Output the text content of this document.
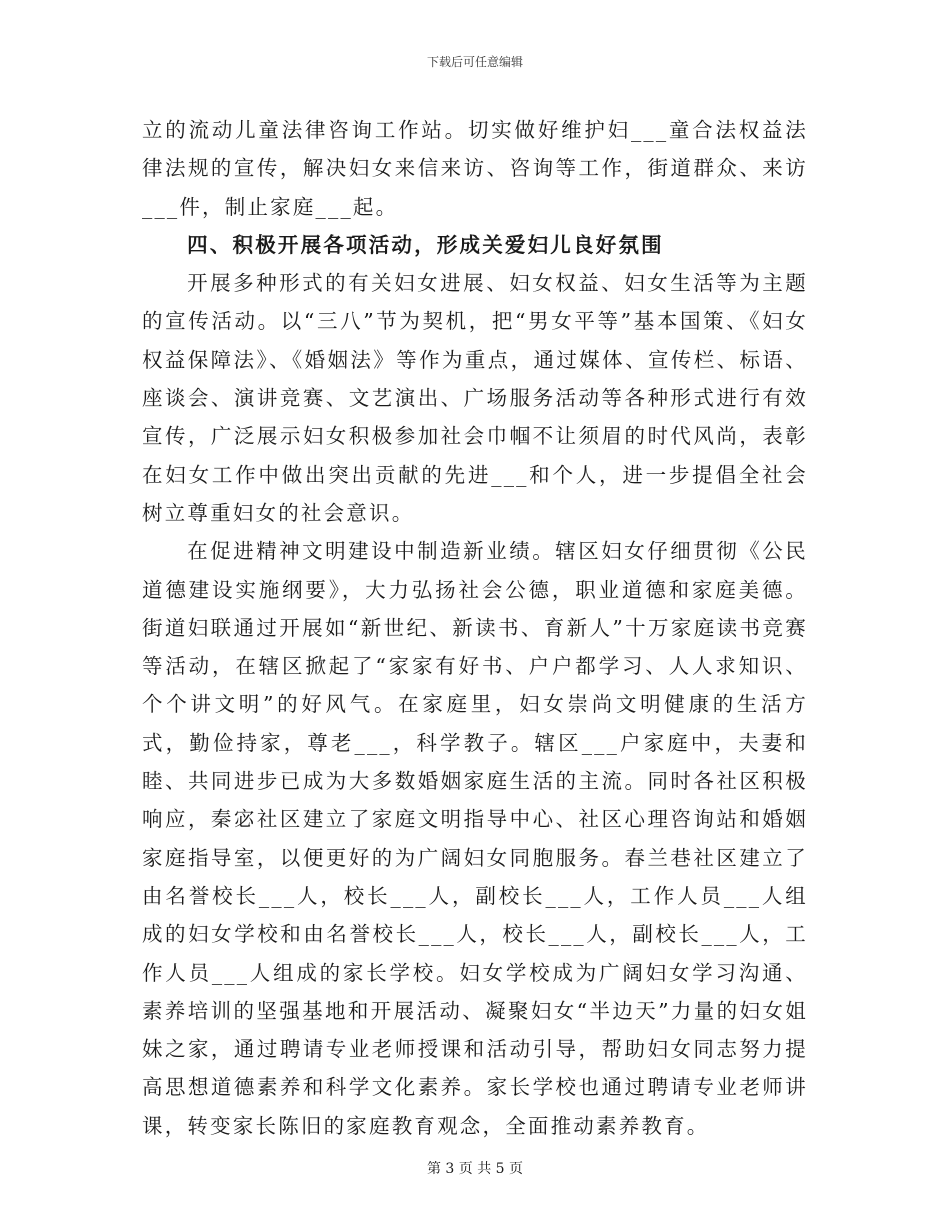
下载后可任意编辑

立的流动儿童法律咨询工作站。切实做好维护妇___童合法权益法律法规的宣传，解决妇女来信来访、咨询等工作，街道群众、来访___件，制止家庭___起。

四、积极开展各项活动，形成关爱妇儿良好氛围

开展多种形式的有关妇女进展、妇女权益、妇女生活等为主题的宣传活动。以“三八”节为契机，把“男女平等”基本国策、《妇女权益保障法》、《婚姻法》等作为重点，通过媒体、宣传栏、标语、座谈会、演讲竞赛、文艺演出、广场服务活动等各种形式进行有效宣传，广泛展示妇女积极参加社会巾帼不让须眉的时代风尚，表彰在妇女工作中做出突出贡献的先进___和个人，进一步提倡全社会树立尊重妇女的社会意识。

在促进精神文明建设中制造新业绩。辖区妇女仔细贯彻《公民道德建设实施纲要》，大力弘扬社会公德，职业道德和家庭美德。街道妇联通过开展如“新世纪、新读书、育新人”十万家庭读书竞赛等活动，在辖区掀起了“家家有好书、户户都学习、人人求知识、个个讲文明”的好风气。在家庭里，妇女崇尚文明健康的生活方式，勤俭持家，尊老___，科学教子。辖区___户家庭中，夫妻和睦、共同进步已成为大多数婚姻家庭生活的主流。同时各社区积极响应，秦宓社区建立了家庭文明指导中心、社区心理咨询站和婚姻家庭指导室，以便更好的为广阔妇女同胞服务。春兰巷社区建立了由名誉校长___人，校长___人，副校长___人，工作人员___人组成的妇女学校和由名誉校长___人，校长___人，副校长___人，工作人员___人组成的家长学校。妇女学校成为广阔妇女学习沟通、素养培训的坚强基地和开展活动、凝聚妇女“半边天”力量的妇女姐妹之家，通过聘请专业老师授课和活动引导，帮助妇女同志努力提高思想道德素养和科学文化素养。家长学校也通过聘请专业老师讲课，转变家长陈旧的家庭教育观念，全面推动素养教育。

第 3 页 共 5 页
